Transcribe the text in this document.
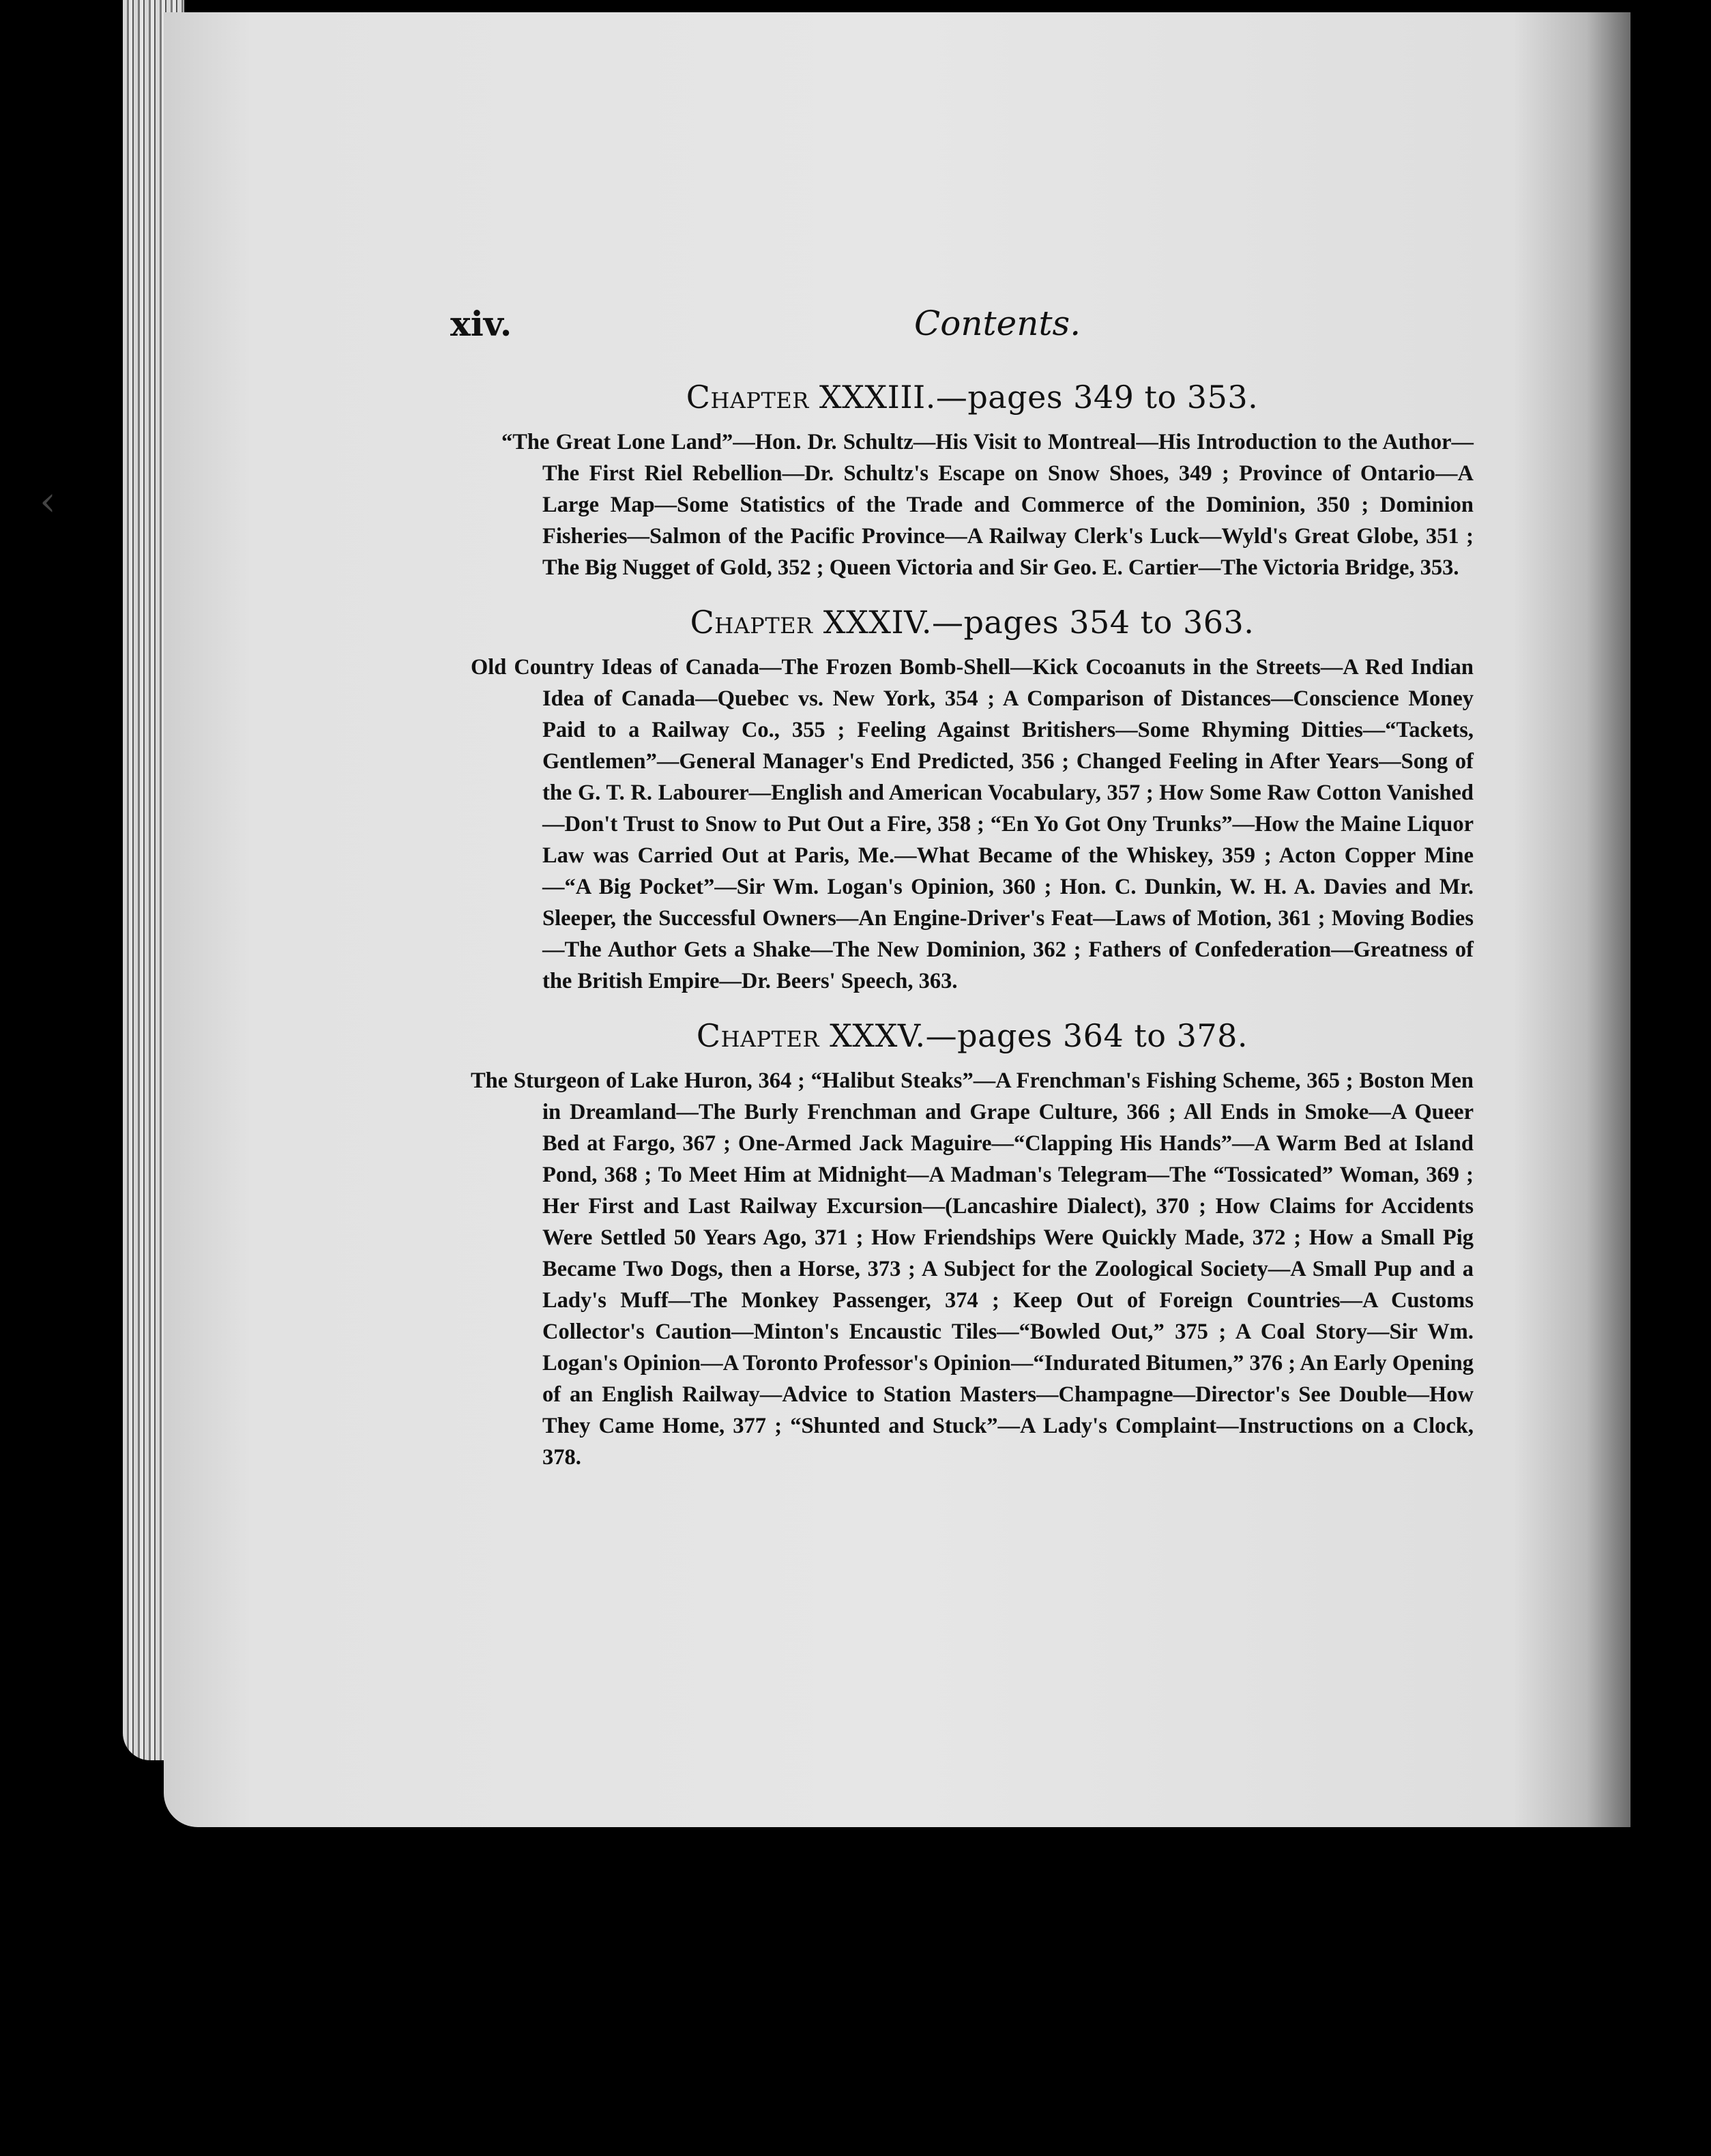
‹
xiv.	Contents.
Chapter XXXIII.—pages 349 to 353.

“The Great Lone Land”—Hon. Dr. Schultz—His Visit to Montreal—His Introduction to the Author—The First Riel Rebellion—Dr. Schultz's Escape on Snow Shoes, 349 ; Province of Ontario—A Large Map—Some Statistics of the Trade and Commerce of the Dominion, 350 ; Dominion Fisheries—Salmon of the Pacific Province—A Railway Clerk's Luck—Wyld's Great Globe, 351 ; The Big Nugget of Gold, 352 ; Queen Victoria and Sir Geo. E. Cartier—The Victoria Bridge, 353.

Chapter XXXIV.—pages 354 to 363.

Old Country Ideas of Canada—The Frozen Bomb-Shell—Kick Cocoanuts in the Streets—A Red Indian Idea of Canada—Quebec vs. New York, 354 ; A Comparison of Distances—Conscience Money Paid to a Railway Co., 355 ; Feeling Against Britishers—Some Rhyming Ditties—“Tackets, Gentlemen”—General Manager's End Predicted, 356 ; Changed Feeling in After Years—Song of the G. T. R. Labourer—English and American Vocabulary, 357 ; How Some Raw Cotton Vanished—Don't Trust to Snow to Put Out a Fire, 358 ; “En Yo Got Ony Trunks”—How the Maine Liquor Law was Carried Out at Paris, Me.—What Became of the Whiskey, 359 ; Acton Copper Mine—“A Big Pocket”—Sir Wm. Logan's Opinion, 360 ; Hon. C. Dunkin, W. H. A. Davies and Mr. Sleeper, the Successful Owners—An Engine-Driver's Feat—Laws of Motion, 361 ; Moving Bodies—The Author Gets a Shake—The New Dominion, 362 ; Fathers of Confederation—Greatness of the British Empire—Dr. Beers' Speech, 363.

Chapter XXXV.—pages 364 to 378.

The Sturgeon of Lake Huron, 364 ; “Halibut Steaks”—A Frenchman's Fishing Scheme, 365 ; Boston Men in Dreamland—The Burly Frenchman and Grape Culture, 366 ; All Ends in Smoke—A Queer Bed at Fargo, 367 ; One-Armed Jack Maguire—“Clapping His Hands”—A Warm Bed at Island Pond, 368 ; To Meet Him at Midnight—A Madman's Telegram—The “Tossicated” Woman, 369 ; Her First and Last Railway Excursion—(Lancashire Dialect), 370 ; How Claims for Accidents Were Settled 50 Years Ago, 371 ; How Friendships Were Quickly Made, 372 ; How a Small Pig Became Two Dogs, then a Horse, 373 ; A Subject for the Zoological Society—A Small Pup and a Lady's Muff—The Monkey Passenger, 374 ; Keep Out of Foreign Countries—A Customs Collector's Caution—Minton's Encaustic Tiles—“Bowled Out,” 375 ; A Coal Story—Sir Wm. Logan's Opinion—A Toronto Professor's Opinion—“Indurated Bitumen,” 376 ; An Early Opening of an English Railway—Advice to Station Masters—Champagne—Director's See Double—How They Came Home, 377 ; “Shunted and Stuck”—A Lady's Complaint—Instructions on a Clock, 378.
